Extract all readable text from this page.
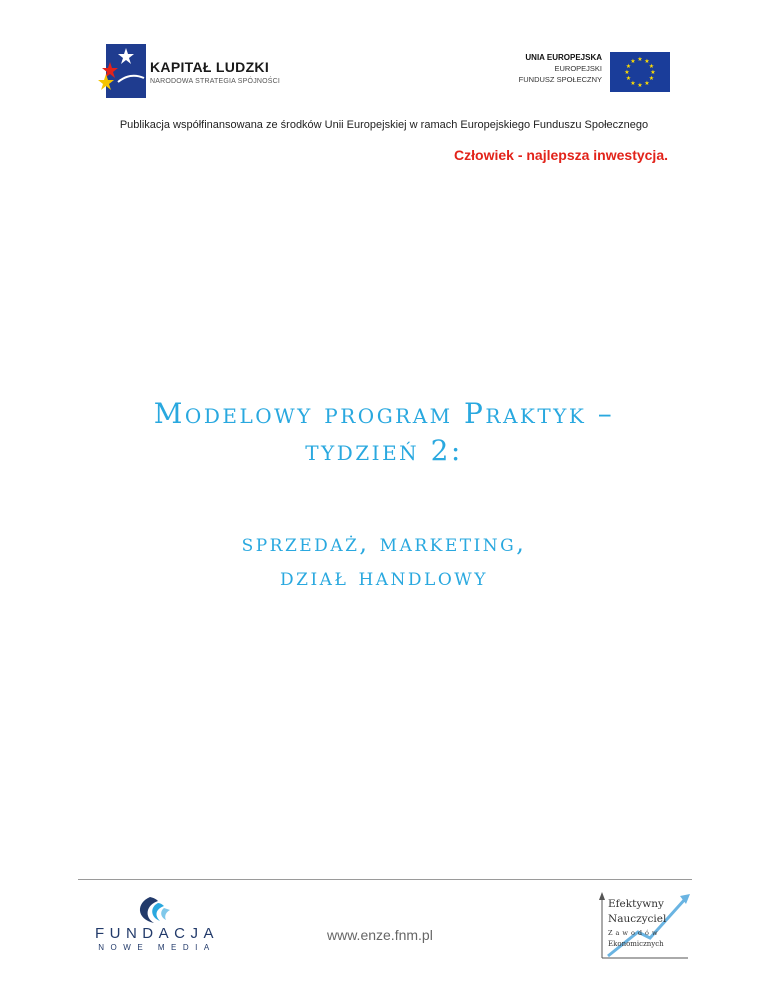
KAPITAŁ LUDZKI
NARODOWA STRATEGIA SPÓJNOŚCI
UNIA EUROPEJSKA
EUROPEJSKI
FUNDUSZ SPOŁECZNY
★ ★
★
★
★
★
★
★
★
★
★
★
Publikacja współfinansowana ze środków Unii Europejskiej w ramach Europejskiego Funduszu Społecznego
Człowiek - najlepsza inwestycja.
Modelowy program Praktyk –
tydzień 2:
sprzedaż, marketing,
dział handlowy
FUNDACJA
NOWE MEDIA
www.enze.fnm.pl
Efektywny
Nauczyciel
Zawodów
Ekonomicznych
